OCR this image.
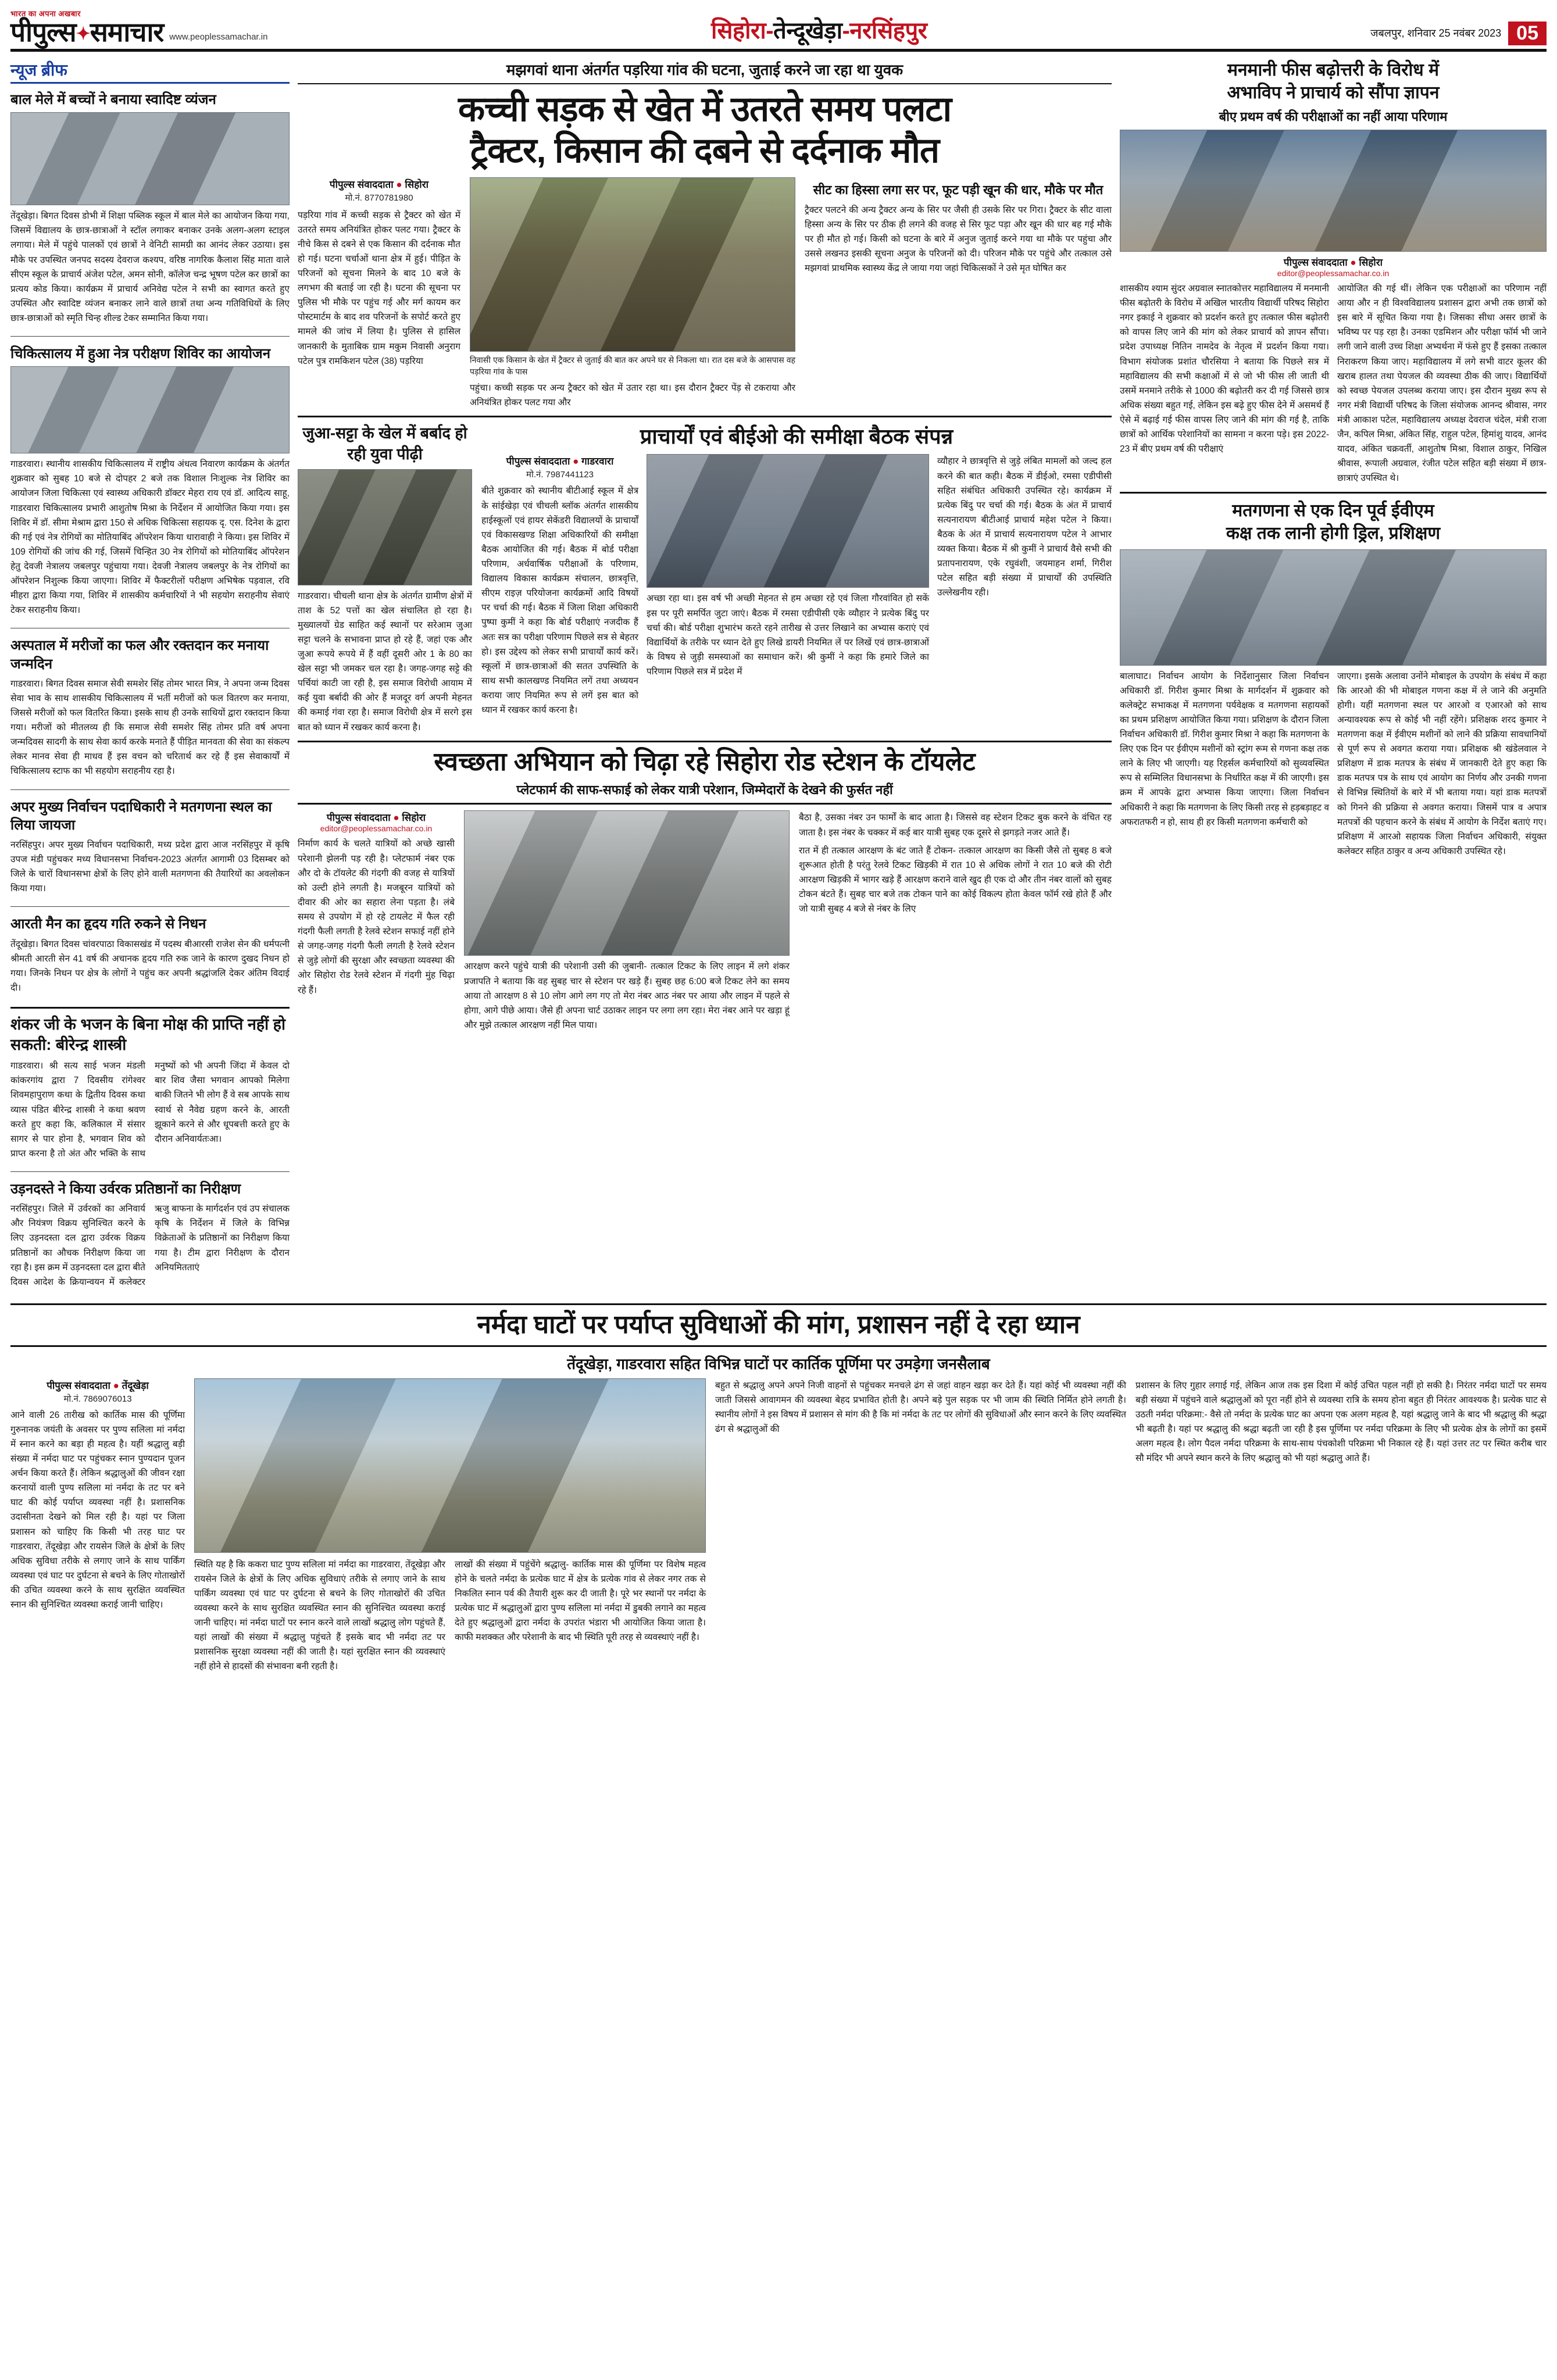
भारत का अपना अखबार
पीपुल्स✦समाचार www.peoplessamachar.in	सिहोरा-तेन्दूखेड़ा-नरसिंहपुर	जबलपुर, शनिवार 25 नवंबर 2023 05
न्यूज ब्रीफ
बाल मेले में बच्चों ने बनाया स्वादिष्ट व्यंजन
तेंदूखेड़ा। बिगत दिवस डोभी में शिक्षा पब्लिक स्कूल में बाल मेले का आयोजन किया गया, जिसमें विद्यालय के छात्र-छात्राओं ने स्टॉल लगाकर बनाकर उनके अलग-अलग स्टाइल लगाया। मेले में पहुंचे पालकों एवं छात्रों ने वेनिटी सामग्री का आनंद लेकर उठाया। इस मौके पर उपस्थित जनपद सदस्य देवराज कश्यप, वरिष्ठ नागरिक कैलाश सिंह माता वाले सीएम स्कूल के प्राचार्य अंजेश पटेल, अमन सोनी, कॉलेज चन्द्र भूषण पटेल कर छात्रों का प्रत्यय कोड किया। कार्यक्रम में प्राचार्य अनिवेद्य पटेल ने सभी का स्वागत करते हुए उपस्थित और स्वादिष्ट व्यंजन बनाकर लाने वाले छात्रों तथा अन्य गतिविधियों के लिए छात्र-छात्राओं को स्मृति चिन्ह शील्ड टेकर सम्मानित किया गया।
चिकित्सालय में हुआ नेत्र परीक्षण शिविर का आयोजन
गाडरवारा। स्थानीय शासकीय चिकित्सालय में राष्ट्रीय अंधत्व निवारण कार्यक्रम के अंतर्गत शुक्रवार को सुबह 10 बजे से दोपहर 2 बजे तक विशाल निःशुल्क नेत्र शिविर का आयोजन जिला चिकित्सा एवं स्वास्थ्य अधिकारी डॉक्टर मेहरा राय एवं डॉ. आदित्य साहू, गाडरवारा चिकित्सालय प्रभारी आशुतोष मिश्रा के निर्देशन में आयोजित किया गया। इस शिविर में डॉ. सीमा मेश्राम द्वारा 150 से अधिक चिकित्सा सहायक दृ. एस. दिनेश के द्वारा की गई एवं नेत्र रोगियों का मोतियाबिंद ऑपरेशन किया धारावाही ने किया। इस शिविर में 109 रोगियों की जांच की गई, जिसमें चिन्हित 30 नेत्र रोगियों को मोतियाबिंद ऑपरेशन हेतु देवजी नेत्रालय जबलपुर पहुंचाया गया। देवजी नेत्रालय जबलपुर के नेत्र रोगियों का ऑपरेशन निशुल्क किया जाएगा। शिविर में फैक्टरीलों परीक्षण अभिषेक पड़वाल, रवि मीहरा द्वारा किया गया, शिविर में शासकीय कर्मचारियों ने भी सहयोग सराहनीय सेवाएं टेकर सराहनीय किया।
अस्पताल में मरीजों का फल और रक्तदान कर मनाया जन्मदिन
गाडरवारा। बिगत दिवस समाज सेवी समशेर सिंह तोमर भारत मित्र, ने अपना जन्म दिवस सेवा भाव के साथ शासकीय चिकित्सालय में भर्ती मरीजों को फल वितरण कर मनाया, जिससे मरीजों को फल वितरित किया। इसके साथ ही उनके साथियों द्वारा रक्तदान किया गया। मरीजों को मीतलव्य ही कि समाज सेवी समशेर सिंह तोमर प्रति वर्ष अपना जन्मदिवस सादगी के साथ सेवा कार्य करके मनाते हैं पीड़ित मानवता की सेवा का संकल्प लेकर मानव सेवा ही माधव हैं इस वचन को चरितार्थ कर रहे हैं इस सेवाकार्यों में चिकित्सालय स्टाफ का भी सहयोग सराहनीय रहा है।
अपर मुख्य निर्वाचन पदाधिकारी ने मतगणना स्थल का लिया जायजा
नरसिंहपुर। अपर मुख्य निर्वाचन पदाधिकारी, मध्य प्रदेश द्वारा आज नरसिंहपुर में कृषि उपज मंडी पहुंचकर मध्य विधानसभा निर्वाचन-2023 अंतर्गत आगामी 03 दिसम्बर को जिले के चारों विधानसभा क्षेत्रों के लिए होने वाली मतगणना की तैयारियों का अवलोकन किया गया।
आरती मैन का हृदय गति रुकने से निधन
तेंदूखेड़ा। बिगत दिवस चांवरपाठा विकासखंड में पदस्थ बीआरसी राजेश सेन की धर्मपत्नी श्रीमती आरती सेन 41 वर्ष की अचानक हृदय गति रुक जाने के कारण दुखद निधन हो गया। जिनके निधन पर क्षेत्र के लोगों ने पहुंच कर अपनी श्रद्धांजलि देकर अंतिम विदाई दी।
शंकर जी के भजन के बिना मोक्ष की प्राप्ति नहीं हो सकती: बीरेन्द्र शास्त्री
गाडरवारा। श्री सत्य साई भजन मंडली कांकरगांय द्वारा 7 दिवसीय रांगेश्वर शिवमहापुराण कथा के द्वितीय दिवस कथा व्यास पंडित बीरेन्द्र शास्त्री ने कथा श्रवण करते हुए कहा कि, कलिकाल में संसार सागर से पार होना है, भगवान शिव को प्राप्त करना है तो अंत और भक्ति के साथ मनुष्यों को भी अपनी जिंदा में केवल दो बार शिव जैसा भगवान आपको मिलेगा बाकी जितने भी लोग हैं वे सब आपके साथ स्वार्थ से नैवेद्य ग्रहण करने के, आरती झूकाने करने से और धूपबत्ती करते हुए के दौरान अनिवार्यतःआ।
उड़नदस्ते ने किया उर्वरक प्रतिष्ठानों का निरीक्षण
नरसिंहपुर। जिले में उर्वरकों का अनिवार्य और नियंत्रण विक्रय सुनिश्चित करने के लिए उड़नदस्ता दल द्वारा उर्वरक विक्रय प्रतिष्ठानों का औचक निरीक्षण किया जा रहा है। इस क्रम में उड़नदस्ता दल द्वारा बीते दिवस आदेश के क्रियान्वयन में कलेक्टर ऋजु बाफना के मार्गदर्शन एवं उप संचालक कृषि के निर्देशन में जिले के विभिन्न विक्रेताओं के प्रतिष्ठानों का निरीक्षण किया गया है। टीम द्वारा निरीक्षण के दौरान अनियमितताएं
मझगवां थाना अंतर्गत पड़रिया गांव की घटना, जुताई करने जा रहा था युवक
कच्ची सड़क से खेत में उतरते समय पलटा
ट्रैक्टर, किसान की दबने से दर्दनाक मौत
पीपुल्स संवाददाता ● सिहोरा
मो.नं. 8770781980
पड़रिया गांव में कच्ची सड़क से ट्रैक्टर को खेत में उतरते समय अनियंत्रित होकर पलट गया। ट्रैक्टर के नीचे किस से दबने से एक किसान की दर्दनाक मौत हो गई। घटना चर्चाओं थाना क्षेत्र में हुई। पीड़ित के परिजनों को सूचना मिलने के बाद 10 बजे के लगभग की बताई जा रही है। घटना की सूचना पर पुलिस भी मौके पर पहुंच गई और मर्ग कायम कर पोस्टमार्टम के बाद शव परिजनों के सपोर्ट करते हुए मामले की जांच में लिया है। पुलिस से हासिल जानकारी के मुताबिक ग्राम मकुम निवासी अनुराग पटेल पुत्र रामकिशन पटेल (38) पड़रिया	निवासी एक किसान के खेत में ट्रैक्टर से जुताई की बात कर अपने घर से निकला था। रात दस बजे के आसपास वह पड़रिया गांव के पास
पहुंचा। कच्ची सड़क पर अन्य ट्रैक्टर को खेत में उतार रहा था। इस दौरान ट्रैक्टर पेंड़ से टकराया और अनियंत्रित होकर पलट गया और
सीट का हिस्सा लगा सर पर, फूट पड़ी खून की धार, मौके पर मौत
ट्रैक्टर पलटने की अन्य ट्रैक्टर अन्य के सिर पर जैसी ही उसके सिर पर गिरा। ट्रैक्टर के सीट वाला हिस्सा अन्य के सिर पर ठीक ही लगने की वजह से सिर फूट पड़ा और खून की धार बह गई मौके पर ही मौत हो गई। किसी को घटना के बारे में अनुज जुताई करने गया था मौके पर पहुंचा और उससे लखनउ इसकी सूचना अनुज के परिजनों को दी। परिजन मौके पर पहुंचे और तत्काल उसे मझगवां प्राथमिक स्वास्थ्य केंद्र ले जाया गया जहां चिकित्सकों ने उसे मृत घोषित कर
जुआ-सट्टा के खेल में बर्बाद हो रही युवा पीढ़ी
गाडरवारा। चीचली थाना क्षेत्र के अंतर्गत ग्रामीण क्षेत्रों में ताश के 52 पत्तों का खेल संचालित हो रहा है। मुख्यालयों ग्रेड साहित कई स्थानों पर सरेआम जुआ सट्टा चलने के सभावना प्राप्त हो रहे हैं, जहां एक और जुआ रूपये रूपये में हैं वहीं दूसरी ओर 1 के 80 का खेल सट्टा भी जमकर चल रहा है। जगह-जगह सट्टे की पर्चियां काटी जा रही है, इस समाज विरोधी आयाम में कई युवा बर्बादी की ओर हैं मजदूर वर्ग अपनी मेहनत की कमाई गंवा रहा है। समाज विरोधी क्षेत्र में सरगे इस बात को ध्यान में रखकर कार्य करना है।
प्राचार्यों एवं बीईओ की समीक्षा बैठक संपन्न
पीपुल्स संवाददाता ● गाडरवारा
मो.नं. 7987441123
बीते शुक्रवार को स्थानीय बीटीआई स्कूल में क्षेत्र के सांईखेड़ा एवं चीचली ब्लॉक अंतर्गत शासकीय हाईस्कूलों एवं हायर सेकेंडरी विद्यालयों के प्राचार्यों एवं विकासखण्ड शिक्षा अधिकारियों की समीक्षा बैठक आयोजित की गई। बैठक में बोर्ड परीक्षा परिणाम, अर्धवार्षिक परीक्षाओं के परिणाम, विद्यालय विकास कार्यक्रम संचालन, छात्रवृत्ति, सीएम राइज़ परियोजना कार्यक्रमों आदि विषयों पर चर्चा की गई। बैठक में जिला शिक्षा अधिकारी पुष्पा कुमीं ने कहा कि बोर्ड परीक्षाएं नजदीक हैं अतः सत्र का परीक्षा परिणाम पिछले सत्र से बेहतर हो। इस उद्देश्य को लेकर सभी प्राचार्यों कार्य करें। स्कूलों में छात्र-छात्राओं की सतत उपस्थिति के साथ सभी कालखण्ड नियमित लगें तथा अध्ययन कराया जाए नियमित रूप से लगें इस बात को ध्यान में रखकर कार्य करना है।
अच्छा रहा था। इस वर्ष भी अच्छी मेहनत से हम अच्छा रहे एवं जिला गौरवांवित हो सकें इस पर पूरी समर्पित जुटा जाएं। बैठक में रमसा एडीपीसी एके व्यौहार ने प्रत्येक बिंदु पर चर्चा की। बोर्ड परीक्षा शुभारंभ करते रहने तारीख से उत्तर लिखाने का अभ्यास कराएं एवं विद्यार्थियों के तरीके पर ध्यान देते हुए लिखे डायरी नियमित लें पर लिखें एवं छात्र-छात्राओं के विषय से जुड़ी समस्याओं का समाधान करें। श्री कुमीं ने कहा कि हमारे जिले का परिणाम पिछले सत्र में प्रदेश में
व्यौहार ने छात्रवृत्ति से जुड़े लंबित मामलों को जल्द हल करने की बात कही। बैठक में डीईओ, रमसा एडीपीसी सहित संबंधित अधिकारी उपस्थित रहे। कार्यक्रम में प्रत्येक बिंदु पर चर्चा की गई। बैठक के अंत में प्राचार्य सत्यनारायण बीटीआई प्राचार्य महेश पटेल ने किया। बैठक के अंत में प्राचार्य सत्यनारायण पटेल ने आभार व्यक्त किया। बैठक में श्री कुमीं ने प्राचार्य वैसे सभी की प्रतापनारायण, एके रघुवंशी, जयमाहन शर्मा, गिरीश पटेल सहित बड़ी संख्या में प्राचार्यों की उपस्थिति उल्लेखनीय रही।
स्वच्छता अभियान को चिढ़ा रहे सिहोरा रोड स्टेशन के टॉयलेट
प्लेटफार्म की साफ-सफाई को लेकर यात्री परेशान, जिम्मेदारों के देखने की फुर्सत नहीं
पीपुल्स संवाददाता ● सिहोरा
editor@peoplessamachar.co.in
निर्माण कार्य के चलते यात्रियों को अच्छे खासी परेशानी झेलनी पड़ रही है। प्लेटफार्म नंबर एक और दो के टॉयलेट की गंदगी की वजह से यात्रियों को उल्टी होने लगती है। मजबूरन यात्रियों को दीवार की ओर का सहारा लेना पड़ता है। लंबे समय से उपयोग में हो रहे टायलेट में फैल रही गंदगी फैली लगती है रेलवे स्टेशन सफाई नहीं होने से जगह-जगह गंदगी फैली लगती है रेलवे स्टेशन से जुड़े लोगों की सुरक्षा और स्वच्छता व्यवस्था की ओर सिहोरा रोड रेलवे स्टेशन में गंदगी मुंह चिढ़ा रहे हैं।
आरक्षण करने पहुंचे यात्री की परेशानी उसी की जुबानी- तत्काल टिकट के लिए लाइन में लगे शंकर प्रजापति ने बताया कि वह सुबह चार से स्टेशन पर खड़े हैं। सुबह छह 6:00 बजे टिकट लेने का समय आया तो आरक्षण 8 से 10 लोग आगे लग गए तो मेरा नंबर आठ नंबर पर आया और लाइन में पहले से होगा, आगे पीछे आया। जैसे ही अपना चार्ट उठाकर लाइन पर लगा लग रहा। मेरा नंबर आने पर खड़ा हूं और मुझे तत्काल आरक्षण नहीं मिल पाया।
बैठा है, उसका नंबर उन फार्मों के बाद आता है। जिससे वह स्टेशन टिकट बुक करने के वंचित रह जाता है। इस नंबर के चक्कर में कई बार यात्री सुबह एक दूसरे से झगड़ते नजर आते हैं।
रात में ही तत्काल आरक्षण के बंट जाते हैं टोकन- तत्काल आरक्षण का किसी जैसे तो सुबह 8 बजे शुरूआत होती है परंतु रेलवे टिकट खिड़की में रात 10 से अधिक लोगों ने रात 10 बजे की रोटी आरक्षण खिड़की में भागर खड़े हैं आरक्षण कराने वाले खुद ही एक दो और तीन नंबर वालों को सुबह टोकन बंटते हैं। सुबह चार बजे तक टोकन पाने का कोई विकल्प होता केवल फॉर्म रखे होते हैं और जो यात्री सुबह 4 बजे से नंबर के लिए
मनमानी फीस बढ़ोत्तरी के विरोध में
अभाविप ने प्राचार्य को सौंपा ज्ञापन
बीए प्रथम वर्ष की परीक्षाओं का नहीं आया परिणाम
पीपुल्स संवाददाता ● सिहोरा
editor@peoplessamachar.co.in
शासकीय श्याम सुंदर अग्रवाल स्नातकोत्तर महाविद्यालय में मनमानी फीस बढ़ोतरी के विरोध में अखिल भारतीय विद्यार्थी परिषद सिहोरा नगर इकाई ने शुक्रवार को प्रदर्शन करते हुए तत्काल फीस बढ़ोतरी को वापस लिए जाने की मांग को लेकर प्राचार्य को ज्ञापन सौंपा। प्रदेश उपाध्यक्ष नितिन नामदेव के नेतृत्व में प्रदर्शन किया गया। विभाग संयोजक प्रशांत चौरसिया ने बताया कि पिछले सत्र में महाविद्यालय की सभी कक्षाओं में से जो भी फीस ली जाती थी उसमें मनमाने तरीके से 1000 की बढ़ोतरी कर दी गई जिससे छात्र अधिक संख्या बहुत गई, लेकिन इस बढ़े हुए फीस देने में असमर्थ हैं ऐसे में बढ़ाई गई फीस वापस लिए जाने की मांग की गई है, ताकि छात्रों को आर्थिक परेशानियों का सामना न करना पड़े। इस 2022-23 में बीए प्रथम वर्ष की परीक्षाएं
आयोजित की गई थीं। लेकिन एक परीक्षाओं का परिणाम नहीं आया और न ही विश्वविद्यालय प्रशासन द्वारा अभी तक छात्रों को इस बारे में सूचित किया गया है। जिसका सीधा असर छात्रों के भविष्य पर पड़ रहा है। उनका एडमिशन और परीक्षा फॉर्म भी जाने लगी जाने वाली उच्च शिक्षा अभ्यर्थना में फंसे हुए हैं इसका तत्काल निराकरण किया जाए। महाविद्यालय में लगे सभी वाटर कूलर की खराब हालत तथा पेयजल की व्यवस्था ठीक की जाए। विद्यार्थियों को स्वच्छ पेयजल उपलब्ध कराया जाए। इस दौरान मुख्य रूप से नगर मंत्री विद्यार्थी परिषद के जिला संयोजक आनन्द श्रीवास, नगर मंत्री आकाश पटेल, महाविद्यालय अध्यक्ष देवराज चंदेल, मंत्री राजा जैन, कपिल मिश्रा, अंकित सिंह, राहुल पटेल, हिमांशु यादव, आनंद यादव, अंकित चक्रवर्ती, आशुतोष मिश्रा, विशाल ठाकुर, निखिल श्रीवास, रूपाली अग्रवाल, रंजीत पटेल सहित बड़ी संख्या में छात्र-छात्राएं उपस्थित थे।
मतगणना से एक दिन पूर्व ईवीएम
कक्ष तक लानी होगी ड्रिल, प्रशिक्षण
बालाघाट। निर्वाचन आयोग के निर्देशानुसार जिला निर्वाचन अधिकारी डॉ. गिरीश कुमार मिश्रा के मार्गदर्शन में शुक्रवार को कलेक्ट्रेट सभाकक्ष में मतगणना पर्यवेक्षक व मतगणना सहायकों का प्रथम प्रशिक्षण आयोजित किया गया। प्रशिक्षण के दौरान जिला निर्वाचन अधिकारी डॉ. गिरीश कुमार मिश्रा ने कहा कि मतगणना के लिए एक दिन पर ईवीएम मशीनों को स्ट्रांग रूम से गणना कक्ष तक लाने के लिए भी जाएगी। यह रिहर्सल कर्मचारियों को सुव्यवस्थित रूप से सम्मिलित विधानसभा के निर्धारित कक्ष में की जाएगी। इस क्रम में आपके द्वारा अभ्यास किया जाएगा। जिला निर्वाचन अधिकारी ने कहा कि मतगणना के लिए किसी तरह से हड़बड़ाहट व अफरातफरी न हो, साथ ही हर किसी मतगणना कर्मचारी को
जाएगा। इसके अलावा उनोंने मोबाइल के उपयोग के संबंध में कहा कि आरओ की भी मोबाइल गणना कक्ष में ले जाने की अनुमति होगी। यहीं मतगणना स्थल पर आरओ व एआरओ को साथ अन्यावश्यक रूप से कोई भी नहीं रहेंगे। प्रशिक्षक शरद कुमार ने मतगणना कक्ष में ईवीएम मशीनों को लाने की प्रक्रिया सावधानियों से पूर्ण रूप से अवगत कराया गया। प्रशिक्षक श्री खंडेलवाल ने प्रशिक्षण में डाक मतपत्र के संबंध में जानकारी देते हुए कहा कि डाक मतपत्र पत्र के साथ एवं आयोग का निर्णय और उनकी गणना से विभिन्न स्थितियों के बारे में भी बताया गया। यहां डाक मतपत्रों को गिनने की प्रक्रिया से अवगत कराया। जिसमें पात्र व अपात्र मतपत्रों की पहचान करने के संबंध में आयोग के निर्देश बताएं गए। प्रशिक्षण में आरओ सहायक जिला निर्वाचन अधिकारी, संयुक्त कलेक्टर सहित ठाकुर व अन्य अधिकारी उपस्थित रहे।
नर्मदा घाटों पर पर्याप्त सुविधाओं की मांग, प्रशासन नहीं दे रहा ध्यान
तेंदूखेड़ा, गाडरवारा सहित विभिन्न घाटों पर कार्तिक पूर्णिमा पर उमड़ेगा जनसैलाब
पीपुल्स संवाददाता ● तेंदूखेड़ा
मो.नं. 7869076013
आने वाली 26 तारीख को कार्तिक मास की पूर्णिमा गुरुनानक जयंती के अवसर पर पुण्य सलिला मां नर्मदा में स्नान करने का बड़ा ही महत्व है। यहीं श्रद्धालु बड़ी संख्या में नर्मदा घाट पर पहुंचकर स्नान पुण्यदान पूजन अर्चन किया करते हैं। लेकिन श्रद्धालुओं की जीवन रक्षा करनायों वाली पुण्य सलिला मां नर्मदा के तट पर बने घाट की कोई पर्याप्त व्यवस्था नहीं है। प्रशासनिक उदासीनता देखने को मिल रही है। यहां पर जिला प्रशासन को चाहिए कि किसी भी तरह घाट पर गाडरवारा, तेंदूखेड़ा और रायसेन जिले के क्षेत्रों के लिए अधिक सुविधा तरीके से लगाए जाने के साथ पार्किंग व्यवस्था एवं घाट पर दुर्घटना से बचने के लिए गोताखोरों की उचित व्यवस्था करने के साथ सुरक्षित व्यवस्थित स्नान की सुनिश्चित व्यवस्था कराई जानी चाहिए।
स्थिति यह है कि ककरा घाट पुण्य सलिला मां नर्मदा का गाडरवारा, तेंदूखेड़ा और रायसेन जिले के क्षेत्रों के लिए अधिक सुविधाएं तरीके से लगाए जाने के साथ पार्किंग व्यवस्था एवं घाट पर दुर्घटना से बचने के लिए गोताखोरों की उचित व्यवस्था करने के साथ सुरक्षित व्यवस्थित स्नान की सुनिश्चित व्यवस्था कराई जानी चाहिए। मां नर्मदा घाटों पर स्नान करने वाले लाखों श्रद्धालु लोग पहुंचते हैं, यहां लाखों की संख्या में श्रद्धालु पहुंचते हैं इसके बाद भी नर्मदा तट पर प्रशासनिक सुरक्षा व्यवस्था नहीं की जाती है। यहां सुरक्षित स्नान की व्यवस्थाएं नहीं होने से हादसों की संभावना बनी रहती है।
लाखों की संख्या में पहुंचेंगे श्रद्धालु- कार्तिक मास की पूर्णिमा पर विशेष महत्व होने के चलते नर्मदा के प्रत्येक घाट में क्षेत्र के प्रत्येक गांव से लेकर नगर तक से निकलित स्नान पर्व की तैयारी शुरू कर दी जाती है। पूरे भर स्थानों पर नर्मदा के प्रत्येक घाट में श्रद्धालुओं द्वारा पुण्य सलिला मां नर्मदा में डुबकी लगाने का महत्व देते हुए श्रद्धालुओं द्वारा नर्मदा के उपरांत भंडारा भी आयोजित किया जाता है। काफी मशक्कत और परेशानी के बाद भी स्थिति पूरी तरह से व्यवस्थाएं नहीं है।
बहुत से श्रद्धालु अपने अपने निजी वाहनों से पहुंचकर मनचले ढंग से जहां वाहन खड़ा कर देते हैं। यहां कोई भी व्यवस्था नहीं की जाती जिससे आवागमन की व्यवस्था बेहद प्रभावित होती है। अपने बड़े पुल सड़क पर भी जाम की स्थिति निर्मित होने लगती है। स्थानीय लोगों ने इस विषय में प्रशासन से मांग की है कि मां नर्मदा के तट पर लोगों की सुविधाओं और स्नान करने के लिए व्यवस्थित ढंग से श्रद्धालुओं की
प्रशासन के लिए गुहार लगाई गई, लेकिन आज तक इस दिशा में कोई उचित पहल नहीं हो सकी है। निरंतर नर्मदा घाटों पर समय बड़ी संख्या में पहुंचने वाले श्रद्धालुओं को पूरा नहीं होने से व्यवस्था रात्रि के समय होना बहुत ही निरंतर आवश्यक है। प्रत्येक घाट से उठती नर्मदा परिक्रमा:- वैसे तो नर्मदा के प्रत्येक घाट का अपना एक अलग महत्व है, यहां श्रद्धालु जाने के बाद भी श्रद्धालु की श्रद्धा भी बढ़ती है। यहां पर श्रद्धालु की श्रद्धा बढ़ती जा रही है इस पूर्णिमा पर नर्मदा परिक्रमा के लिए भी प्रत्येक क्षेत्र के लोगों का इसमें अलग महत्व है। लोग पैदल नर्मदा परिक्रमा के साथ-साथ पंचकोशी परिक्रमा भी निकाल रहे हैं। यहां उत्तर तट पर स्थित करीब चार सौ मंदिर भी अपने स्थान करने के लिए श्रद्धालु को भी यहां श्रद्धालु आते हैं।
